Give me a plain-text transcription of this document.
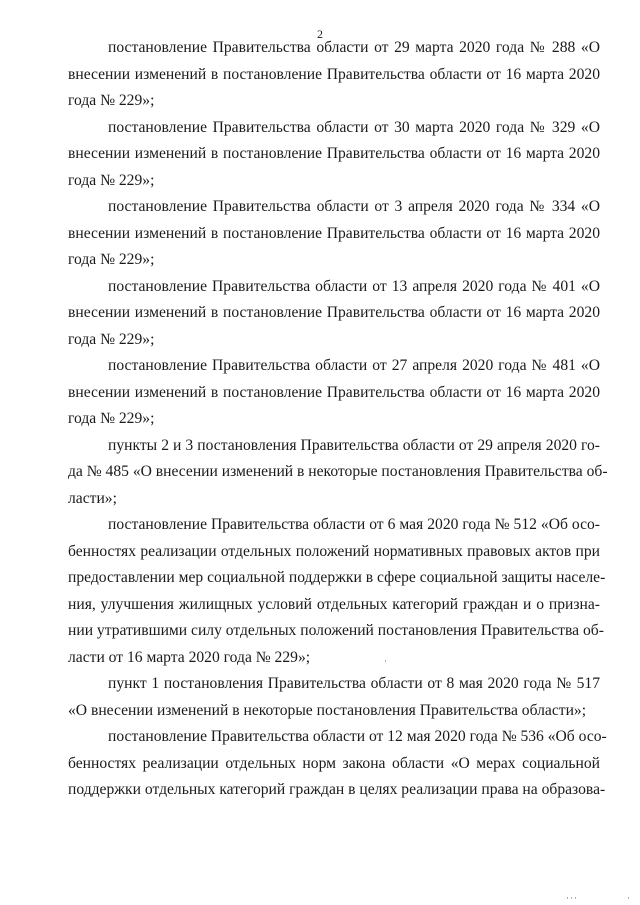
2
постановление Правительства области от 29 марта 2020 года № 288 «О
внесении изменений в постановление Правительства области от 16 марта 2020
года № 229»;
постановление Правительства области от 30 марта 2020 года № 329 «О
внесении изменений в постановление Правительства области от 16 марта 2020
года № 229»;
постановление Правительства области от 3 апреля 2020 года № 334 «О
внесении изменений в постановление Правительства области от 16 марта 2020
года № 229»;
постановление Правительства области от 13 апреля 2020 года № 401 «О
внесении изменений в постановление Правительства области от 16 марта 2020
года № 229»;
постановление Правительства области от 27 апреля 2020 года № 481 «О
внесении изменений в постановление Правительства области от 16 марта 2020
года № 229»;
пункты 2 и 3 постановления Правительства области от 29 апреля 2020 го-
да № 485 «О внесении изменений в некоторые постановления Правительства об-
ласти»;
постановление Правительства области от 6 мая 2020 года № 512 «Об осо-
бенностях реализации отдельных положений нормативных правовых актов при
предоставлении мер социальной поддержки в сфере социальной защиты населе-
ния, улучшения жилищных условий отдельных категорий граждан и о призна-
нии утратившими силу отдельных положений постановления Правительства об-
ласти от 16 марта 2020 года № 229»;
пункт 1 постановления Правительства области от 8 мая 2020 года № 517
«О внесении изменений в некоторые постановления Правительства области»;
постановление Правительства области от 12 мая 2020 года № 536 «Об осо-
бенностях реализации отдельных норм закона области «О мерах социальной
поддержки отдельных категорий граждан в целях реализации права на образова-
·
···	·
